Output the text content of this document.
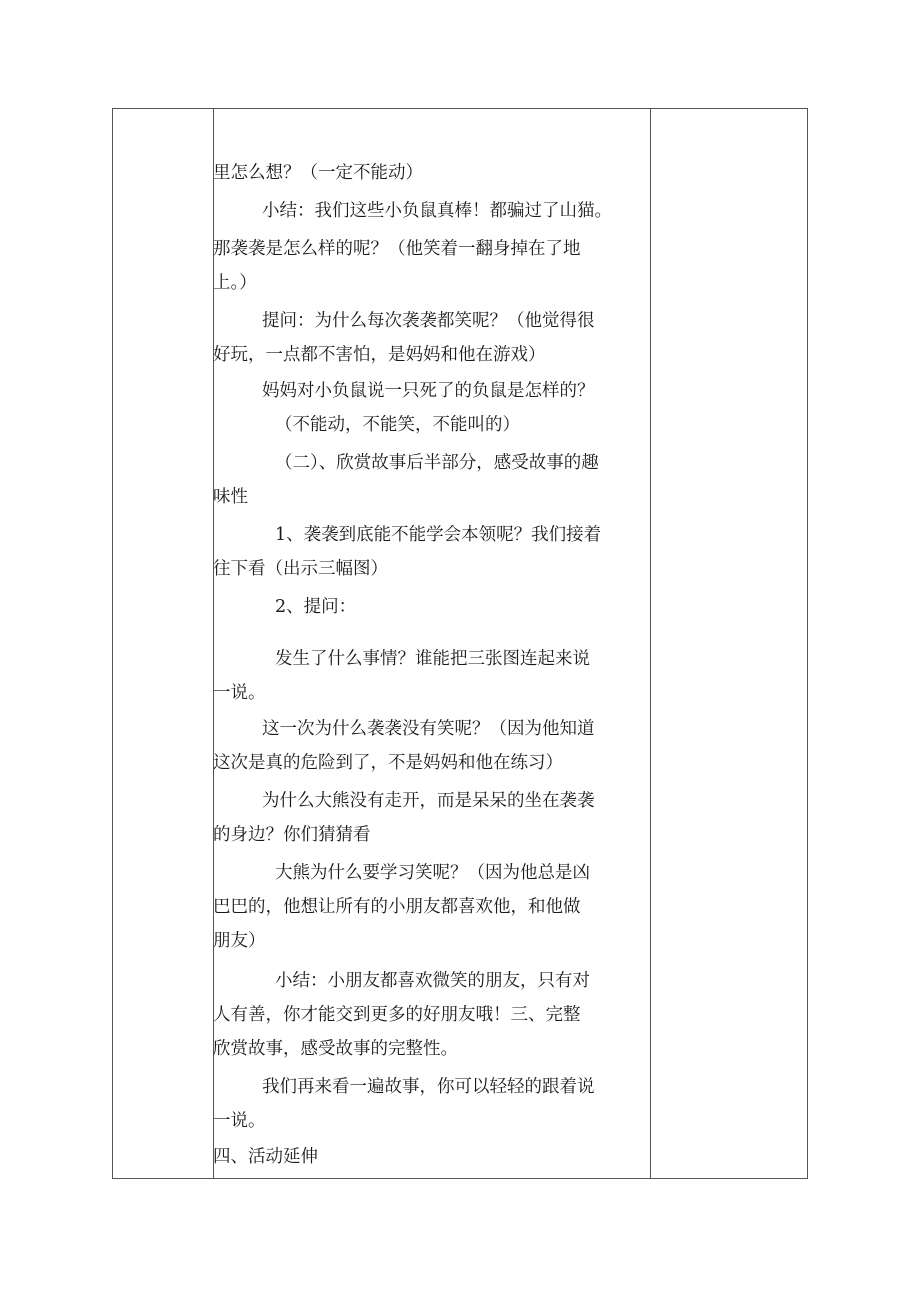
里怎么想？（一定不能动）
小结：我们这些小负鼠真棒！都骗过了山猫。
那袭袭是怎么样的呢？（他笑着一翻身掉在了地
上。）
提问：为什么每次袭袭都笑呢？（他觉得很
好玩，一点都不害怕，是妈妈和他在游戏）
妈妈对小负鼠说一只死了的负鼠是怎样的？
（不能动，不能笑，不能叫的）
（二）、欣赏故事后半部分，感受故事的趣
味性
1、袭袭到底能不能学会本领呢？我们接着
往下看（出示三幅图）
2、提问：
发生了什么事情？谁能把三张图连起来说
一说。
这一次为什么袭袭没有笑呢？（因为他知道
这次是真的危险到了，不是妈妈和他在练习）
为什么大熊没有走开，而是呆呆的坐在袭袭
的身边？你们猜猜看
大熊为什么要学习笑呢？（因为他总是凶
巴巴的，他想让所有的小朋友都喜欢他，和他做
朋友）
小结：小朋友都喜欢微笑的朋友，只有对
人有善，你才能交到更多的好朋友哦！三、完整
欣赏故事，感受故事的完整性。
我们再来看一遍故事，你可以轻轻的跟着说
一说。
四、活动延伸
